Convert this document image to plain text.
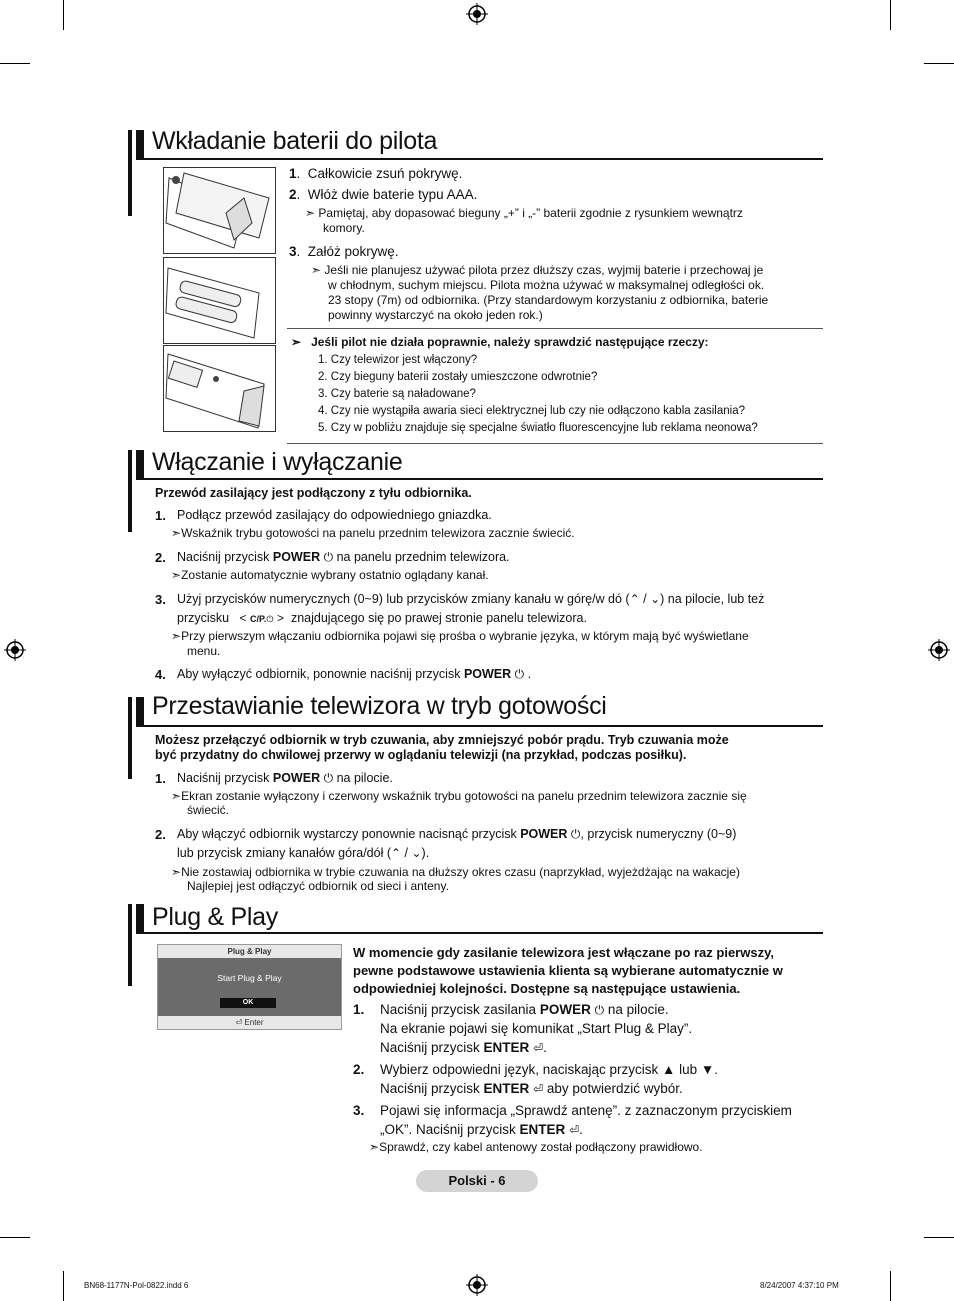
Wkładanie baterii do pilota
1.  Całkowicie zsuń pokrywę.
2.  Włóż dwie baterie typu AAA.
➣ Pamiętaj, aby dopasować bieguny „+” i „-” baterii zgodnie z rysunkiem wewnątrz
komory.
3.  Załóż pokrywę.
➣ Jeśli nie planujesz używać pilota przez dłuższy czas, wyjmij baterie i przechowaj je
w chłodnym, suchym miejscu. Pilota można używać w maksymalnej odległości ok.
23 stopy (7m) od odbiornika. (Przy standardowym korzystaniu z odbiornika, baterie
powinny wystarczyć na około jeden rok.)
➣ Jeśli pilot nie działa poprawnie, należy sprawdzić następujące rzeczy:
1. Czy telewizor jest włączony?
2. Czy bieguny baterii zostały umieszczone odwrotnie?
3. Czy baterie są naładowane?
4. Czy nie wystąpiła awaria sieci elektrycznej lub czy nie odłączono kabla zasilania?
5. Czy w pobliżu znajduje się specjalne światło fluorescencyjne lub reklama neonowa?
Włączanie i wyłączanie
Przewód zasilający jest podłączony z tyłu odbiornika.
1. Podłącz przewód zasilający do odpowiedniego gniazdka.
➣Wskaźnik trybu gotowości na panelu przednim telewizora zacznie świecić.
2. Naciśnij przycisk POWER ⏻ na panelu przednim telewizora.
➣Zostanie automatycznie wybrany ostatnio oglądany kanał.
3. Użyj przycisków numerycznych (0~9) lub przycisków zmiany kanału w górę/w dó (⌃ / ⌄) na pilocie, lub też
przycisku < C/P.⏻ > znajdującego się po prawej stronie panelu telewizora.
➣Przy pierwszym włączaniu odbiornika pojawi się prośba o wybranie języka, w którym mają być wyświetlane
menu.
4. Aby wyłączyć odbiornik, ponownie naciśnij przycisk POWER ⏻ .
Przestawianie telewizora w tryb gotowości
Możesz przełączyć odbiornik w tryb czuwania, aby zmniejszyć pobór prądu. Tryb czuwania może
być przydatny do chwilowej przerwy w oglądaniu telewizji (na przykład, podczas posiłku).
1. Naciśnij przycisk POWER ⏻ na pilocie.
➣Ekran zostanie wyłączony i czerwony wskaźnik trybu gotowości na panelu przednim telewizora zacznie się
świecić.
2. Aby włączyć odbiornik wystarczy ponownie nacisnąć przycisk POWER ⏻, przycisk numeryczny (0~9)
lub przycisk zmiany kanałów góra/dół (⌃ / ⌄).
➣Nie zostawiaj odbiornika w trybie czuwania na dłuższy okres czasu (naprzykład, wyjeżdżając na wakacje)
Najlepiej jest odłączyć odbiornik od sieci i anteny.
Plug & Play
Plug & Play
Start Plug & Play
OK
⏎ Enter
W momencie gdy zasilanie telewizora jest włączane po raz pierwszy,
pewne podstawowe ustawienia klienta są wybierane automatycznie w
odpowiedniej kolejności. Dostępne są następujące ustawienia.
1. Naciśnij przycisk zasilania POWER ⏻ na pilocie.
Na ekranie pojawi się komunikat „Start Plug & Play”.
Naciśnij przycisk ENTER ⏎.
2. Wybierz odpowiedni język, naciskając przycisk ▲ lub ▼.
Naciśnij przycisk ENTER ⏎ aby potwierdzić wybór.
3. Pojawi się informacja „Sprawdź antenę”. z zaznaczonym przyciskiem
„OK”. Naciśnij przycisk ENTER ⏎.
➣Sprawdź, czy kabel antenowy został podłączony prawidłowo.
Polski - 6
BN68-1177N-Pol-0822.indd 6	8/24/2007 4:37:10 PM
